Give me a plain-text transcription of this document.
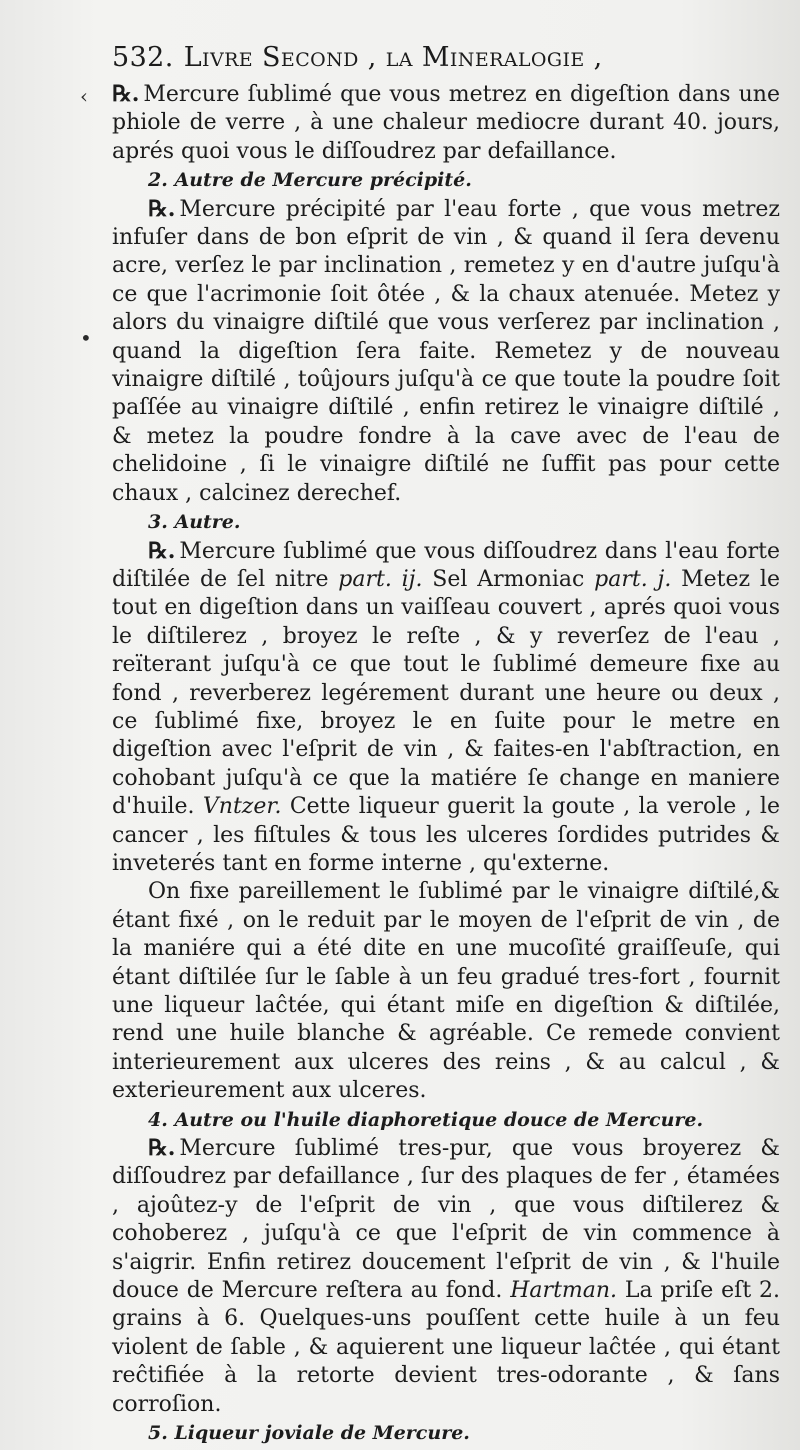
‹
•
532. Livre Second , la Mineralogie ,

℞. Mercure ſublimé que vous metrez en digeſtion dans une phiole de verre , à une chaleur mediocre durant 40. jours, aprés quoi vous le diſſoudrez par defaillance.

2. Autre de Mercure précipité.

℞. Mercure précipité par l'eau forte , que vous metrez infuſer dans de bon eſprit de vin , & quand il ſera devenu acre, verſez le par inclination , remetez y en d'autre juſqu'à ce que l'acrimonie ſoit ôtée , & la chaux atenuée. Metez y alors du vinaigre diſtilé que vous verſerez par inclination , quand la digeſtion ſera faite. Remetez y de nouveau vinaigre diſtilé , toûjours juſqu'à ce que toute la poudre ſoit paſſée au vinaigre diſtilé , enfin retirez le vinaigre diſtilé , & metez la poudre fondre à la cave avec de l'eau de chelidoine , ſi le vinaigre diſtilé ne ſuffit pas pour cette chaux , calcinez derechef.

3. Autre.

℞. Mercure ſublimé que vous diſſoudrez dans l'eau forte diſtilée de ſel nitre part. ij. Sel Armoniac part. j. Metez le tout en digeſtion dans un vaiſſeau couvert , aprés quoi vous le diſtilerez , broyez le reſte , & y reverſez de l'eau , reïterant juſqu'à ce que tout le ſublimé demeure fixe au fond , reverberez legérement durant une heure ou deux , ce ſublimé fixe, broyez le en ſuite pour le metre en digeſtion avec l'eſprit de vin , & faites-en l'abſtraction, en cohobant juſqu'à ce que la matiére ſe change en maniere d'huile. Vntzer. Cette liqueur guerit la goute , la verole , le cancer , les fiſtules & tous les ulceres ſordides putrides & inveterés tant en forme interne , qu'externe.

On fixe pareillement le ſublimé par le vinaigre diſtilé,& étant fixé , on le reduit par le moyen de l'eſprit de vin , de la maniére qui a été dite en une mucoſité graiſſeuſe, qui étant diſtilée ſur le ſable à un feu gradué tres-fort , fournit une liqueur laĉtée, qui étant miſe en digeſtion & diſtilée, rend une huile blanche & agréable. Ce remede convient interieurement aux ulceres des reins , & au calcul , & exterieurement aux ulceres.

4. Autre ou l'huile diaphoretique douce de Mercure.

℞. Mercure ſublimé tres-pur, que vous broyerez & diſſoudrez par defaillance , ſur des plaques de fer , étamées , ajoûtez-y de l'eſprit de vin , que vous diſtilerez & cohoberez , juſqu'à ce que l'eſprit de vin commence à s'aigrir. Enfin retirez doucement l'eſprit de vin , & l'huile douce de Mercure reſtera au fond. Hartman. La priſe eſt 2. grains à 6. Quelques-uns pouſſent cette huile à un feu violent de ſable , & aquierent une liqueur laĉtée , qui étant reĉtifiée à la retorte devient tres-odorante , & ſans corroſion.

5. Liqueur joviale de Mercure.
